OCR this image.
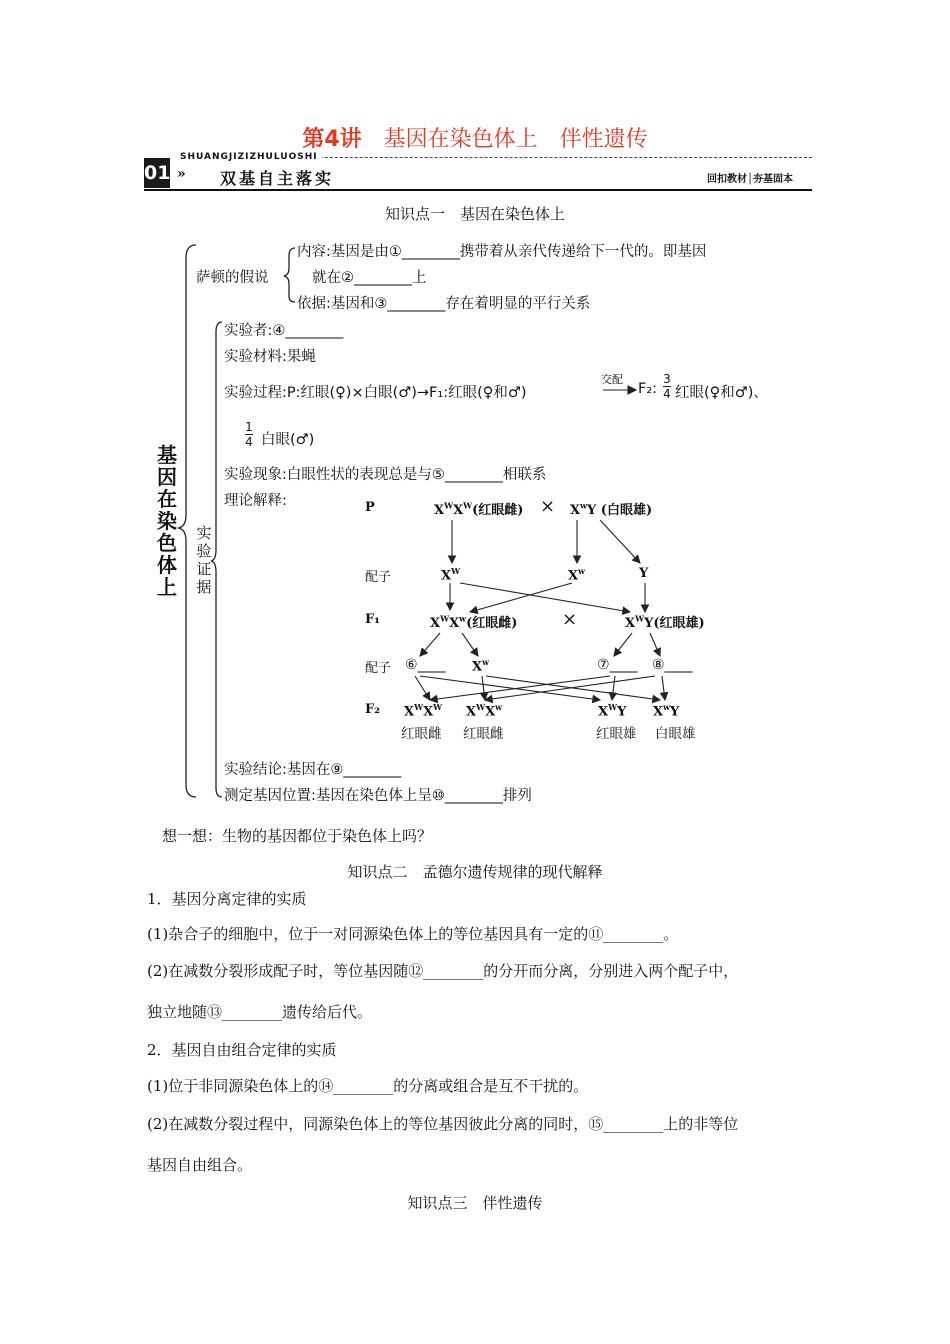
第4讲　 基因在染色体上　伴性遗传
SHUANGJIZIZHULUOSHI
01 » 双基自主落实	回扣教材│夯基固本
知识点一　基因在染色体上
基因在染色体上
实验证据
萨顿的假说
内容:基因是由①________携带着从亲代传递给下一代的。即基因
就在②________上
依据:基因和③________存在着明显的平行关系
实验者:④________
实验材料:果蝇
实验过程:P:红眼(♀)×白眼(♂)→F₁:红眼(♀和♂)
交配
F₂:
3
4 红眼(♀和♂)、
1
4 白眼(♂)
实验现象:白眼性状的表现总是与⑤________相联系
理论解释:	P	$X^WX^W$(红眼雌) × $X^wY$ (白眼雄)
配子	$X^W$	$X^w$	Y
F₁	$X^WX^w$(红眼雌) ×	$X^WY$(红眼雄)
配子 ⑥____ $X^w$	⑦____ ⑧____
F₂ $X^WX^W$ $X^WX^w$	$X^WY$ $X^wY$
红眼雌 红眼雌	红眼雄 白眼雄
实验结论:基因在⑨________
测定基因位置:基因在染色体上呈⑩________排列
想一想：生物的基因都位于染色体上吗？
知识点二　孟德尔遗传规律的现代解释
1．基因分离定律的实质
(1)杂合子的细胞中，位于一对同源染色体上的等位基因具有一定的⑪________。
(2)在减数分裂形成配子时，等位基因随⑫________的分开而分离，分别进入两个配子中，
独立地随⑬________遗传给后代。
2．基因自由组合定律的实质
(1)位于非同源染色体上的⑭________的分离或组合是互不干扰的。
(2)在减数分裂过程中，同源染色体上的等位基因彼此分离的同时，⑮________上的非等位
基因自由组合。
知识点三　伴性遗传
